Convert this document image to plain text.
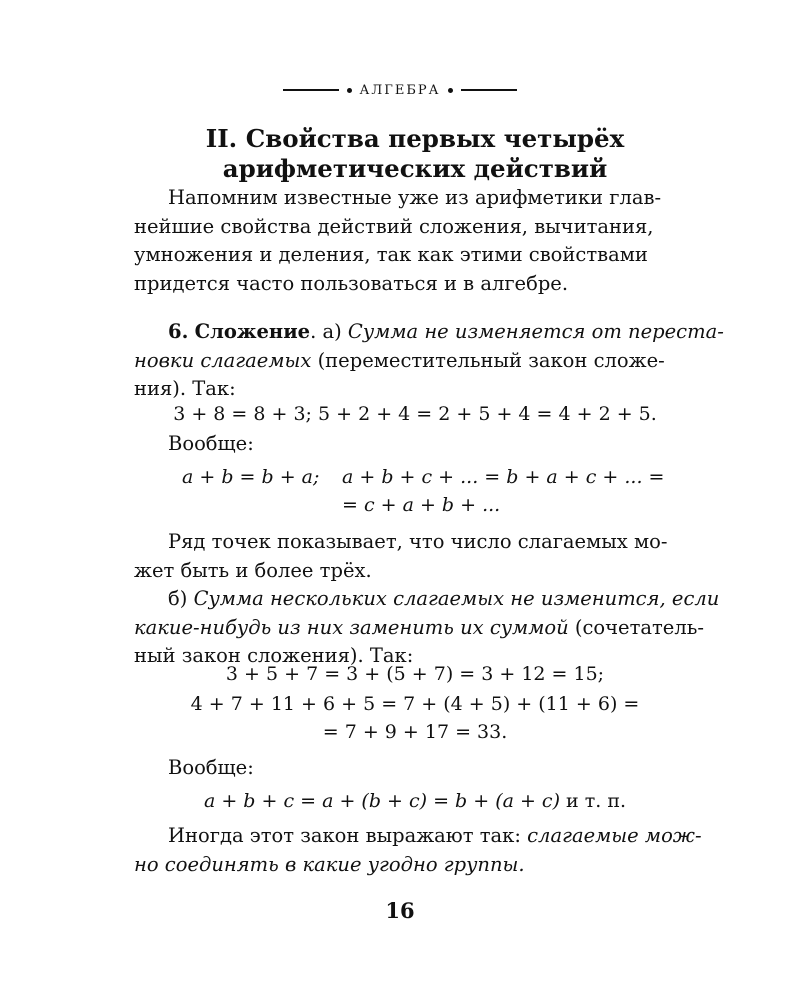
АЛГЕБРА
II. Свойства первых четырёх
арифметических действий
Напомним известные уже из арифметики глав-
нейшие свойства действий сложения, вычитания,
умножения и деления, так как этими свойствами
придется часто пользоваться и в алгебре.
6. Сложение. а) Сумма не изменяется от переста-
новки слагаемых (переместительный закон сложе-
ния). Так:
3 + 8 = 8 + 3; 5 + 2 + 4 = 2 + 5 + 4 = 4 + 2 + 5.
Вообще:
a + b = b + a; a + b + c + ... = b + a + c + ... =
= c + a + b + ...
Ряд точек показывает, что число слагаемых мо-
жет быть и более трёх.
б) Сумма нескольких слагаемых не изменится, если
какие-нибудь из них заменить их суммой (сочетатель-
ный закон сложения). Так:
3 + 5 + 7 = 3 + (5 + 7) = 3 + 12 = 15;
4 + 7 + 11 + 6 + 5 = 7 + (4 + 5) + (11 + 6) =
= 7 + 9 + 17 = 33.
Вообще:
a + b + c = a + (b + c) = b + (a + c) и т. п.
Иногда этот закон выражают так: слагаемые мож-
но соединять в какие угодно группы.
16
